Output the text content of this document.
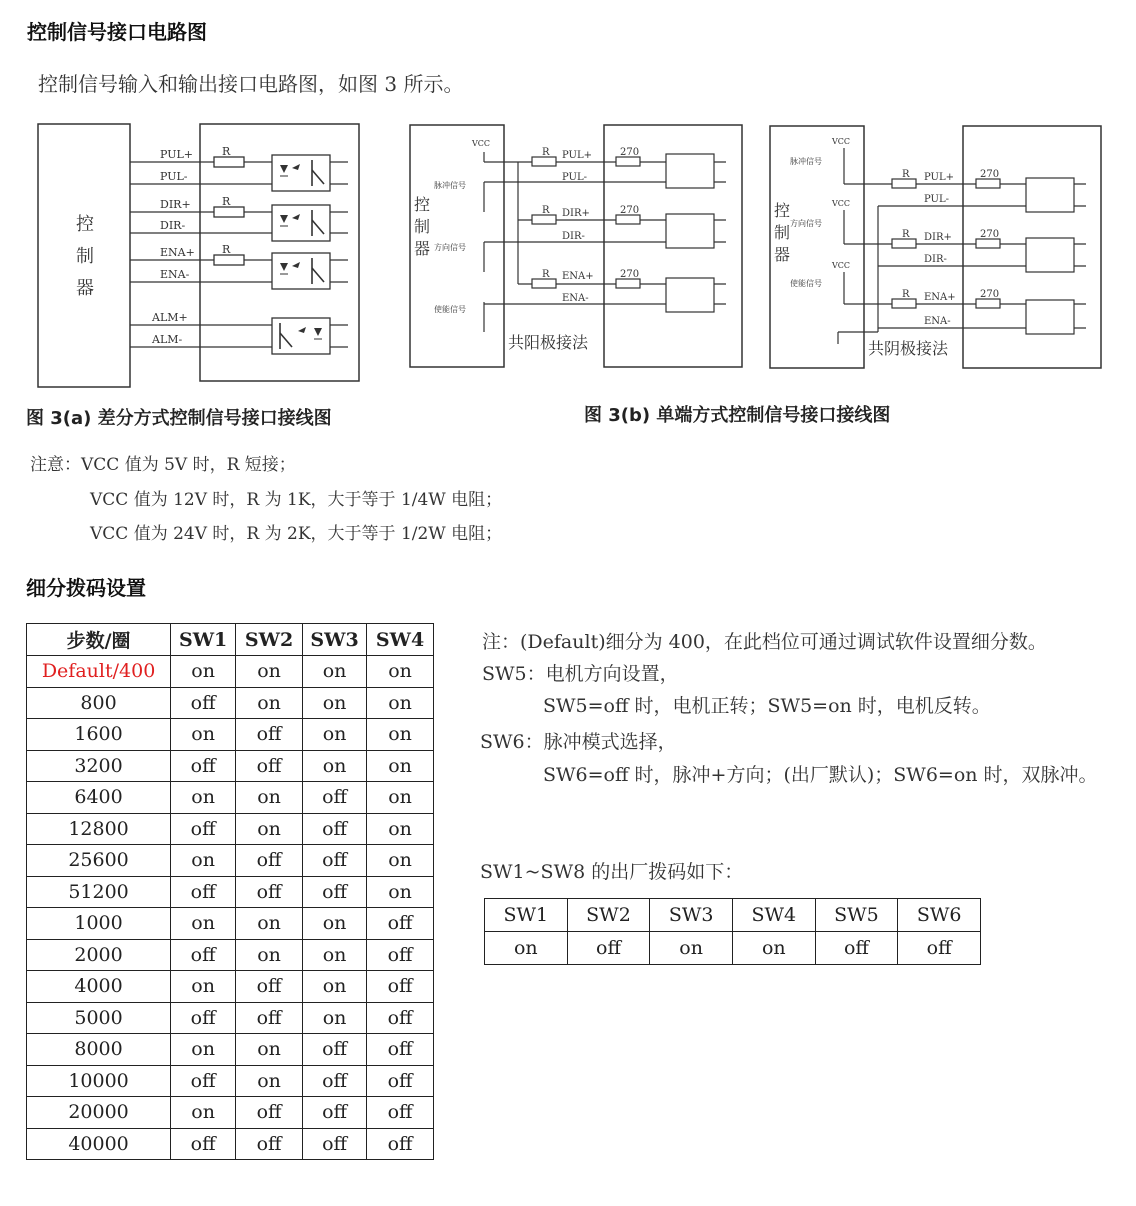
控制信号接口电路图
控制信号输入和输出接口电路图，如图 3 所示。
控
制
器
PUL+
PUL-
DIR+
DIR-
ENA+
ENA-
ALM+
ALM-
R
R
R
控
制
器
VCC
脉冲信号
方向信号
使能信号
PUL+
PUL-
DIR+
DIR-
ENA+
ENA-
R
R
R
270
270
270
共阳极接法
控
制
器
VCC
VCC
VCC
脉冲信号
方向信号
使能信号
PUL+
PUL-
DIR+
DIR-
ENA+
ENA-
R
R
R
270
270
270
共阴极接法
图 3(a) 差分方式控制信号接口接线图	图 3(b) 单端方式控制信号接口接线图
注意：VCC 值为 5V 时，R 短接；
VCC 值为 12V 时，R 为 1K，大于等于 1/4W 电阻；
VCC 值为 24V 时，R 为 2K，大于等于 1/2W 电阻；
细分拨码设置
步数/圈	SW1	SW2	SW3	SW4
Default/400	on	on	on	on
800	off	on	on	on
1600	on	off	on	on
3200	off	off	on	on
6400	on	on	off	on
12800	off	on	off	on
25600	on	off	off	on
51200	off	off	off	on
1000	on	on	on	off
2000	off	on	on	off
4000	on	off	on	off
5000	off	off	on	off
8000	on	on	off	off
10000	off	on	off	off
20000	on	off	off	off
40000	off	off	off	off
注：(Default)细分为 400，在此档位可通过调试软件设置细分数。
SW5：电机方向设置，
SW5=off 时，电机正转；SW5=on 时，电机反转。
SW6：脉冲模式选择，
SW6=off 时，脉冲+方向；(出厂默认)；SW6=on 时，双脉冲。
SW1~SW8 的出厂拨码如下：
SW1	SW2	SW3	SW4	SW5	SW6
on	off	on	on	off	off
